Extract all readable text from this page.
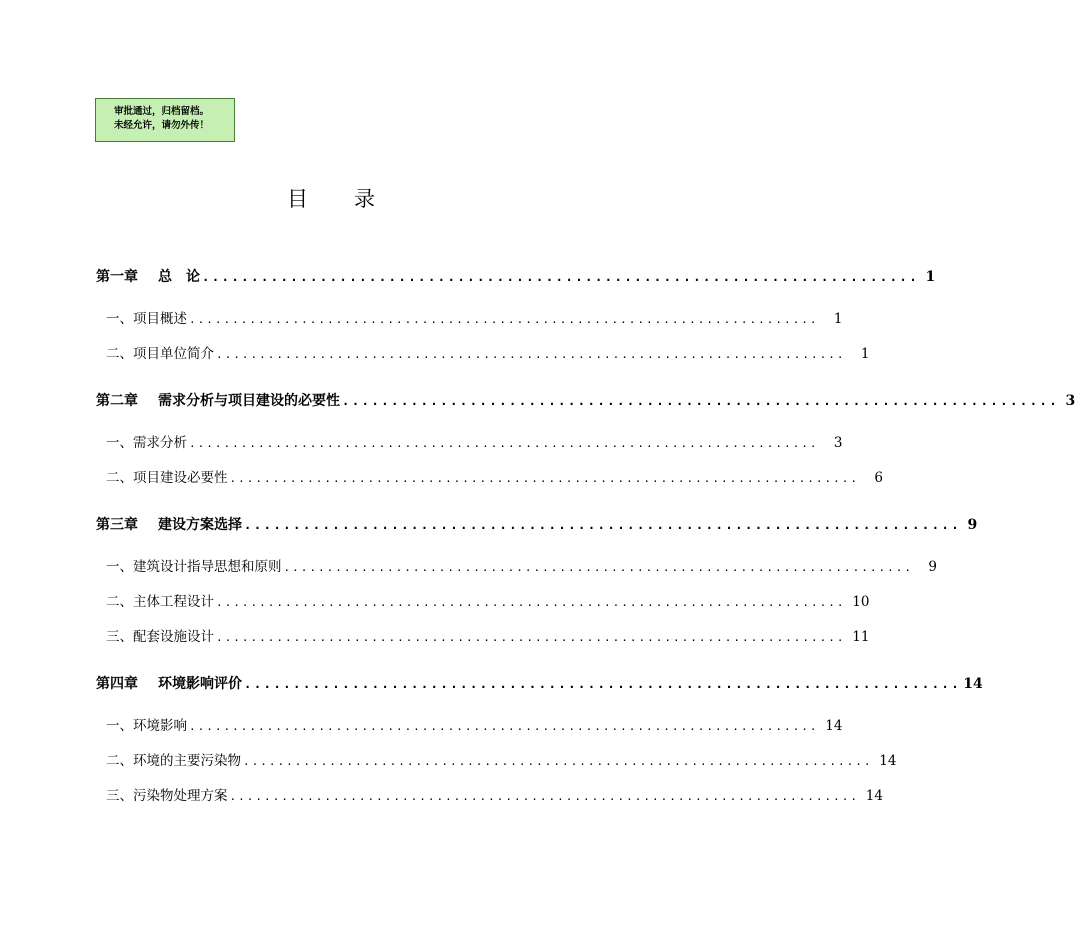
审批通过，归档留档。
未经允许，请勿外传！
目 录
第一章 总　论 ......................................................................... 1
一、项目概述 .........................................................................	1
二、项目单位简介 .........................................................................	1
第二章 需求分析与项目建设的必要性 ......................................................................... 3
一、需求分析 .........................................................................	3
二、项目建设必要性 .........................................................................	6
第三章 建设方案选择 ......................................................................... 9
一、建筑设计指导思想和原则 .........................................................................	9
二、主体工程设计 ......................................................................... 10
三、配套设施设计 ......................................................................... 11
第四章 环境影响评价 ......................................................................... 14
一、环境影响 ......................................................................... 14
二、环境的主要污染物 ......................................................................... 14
三、污染物处理方案 ......................................................................... 14
